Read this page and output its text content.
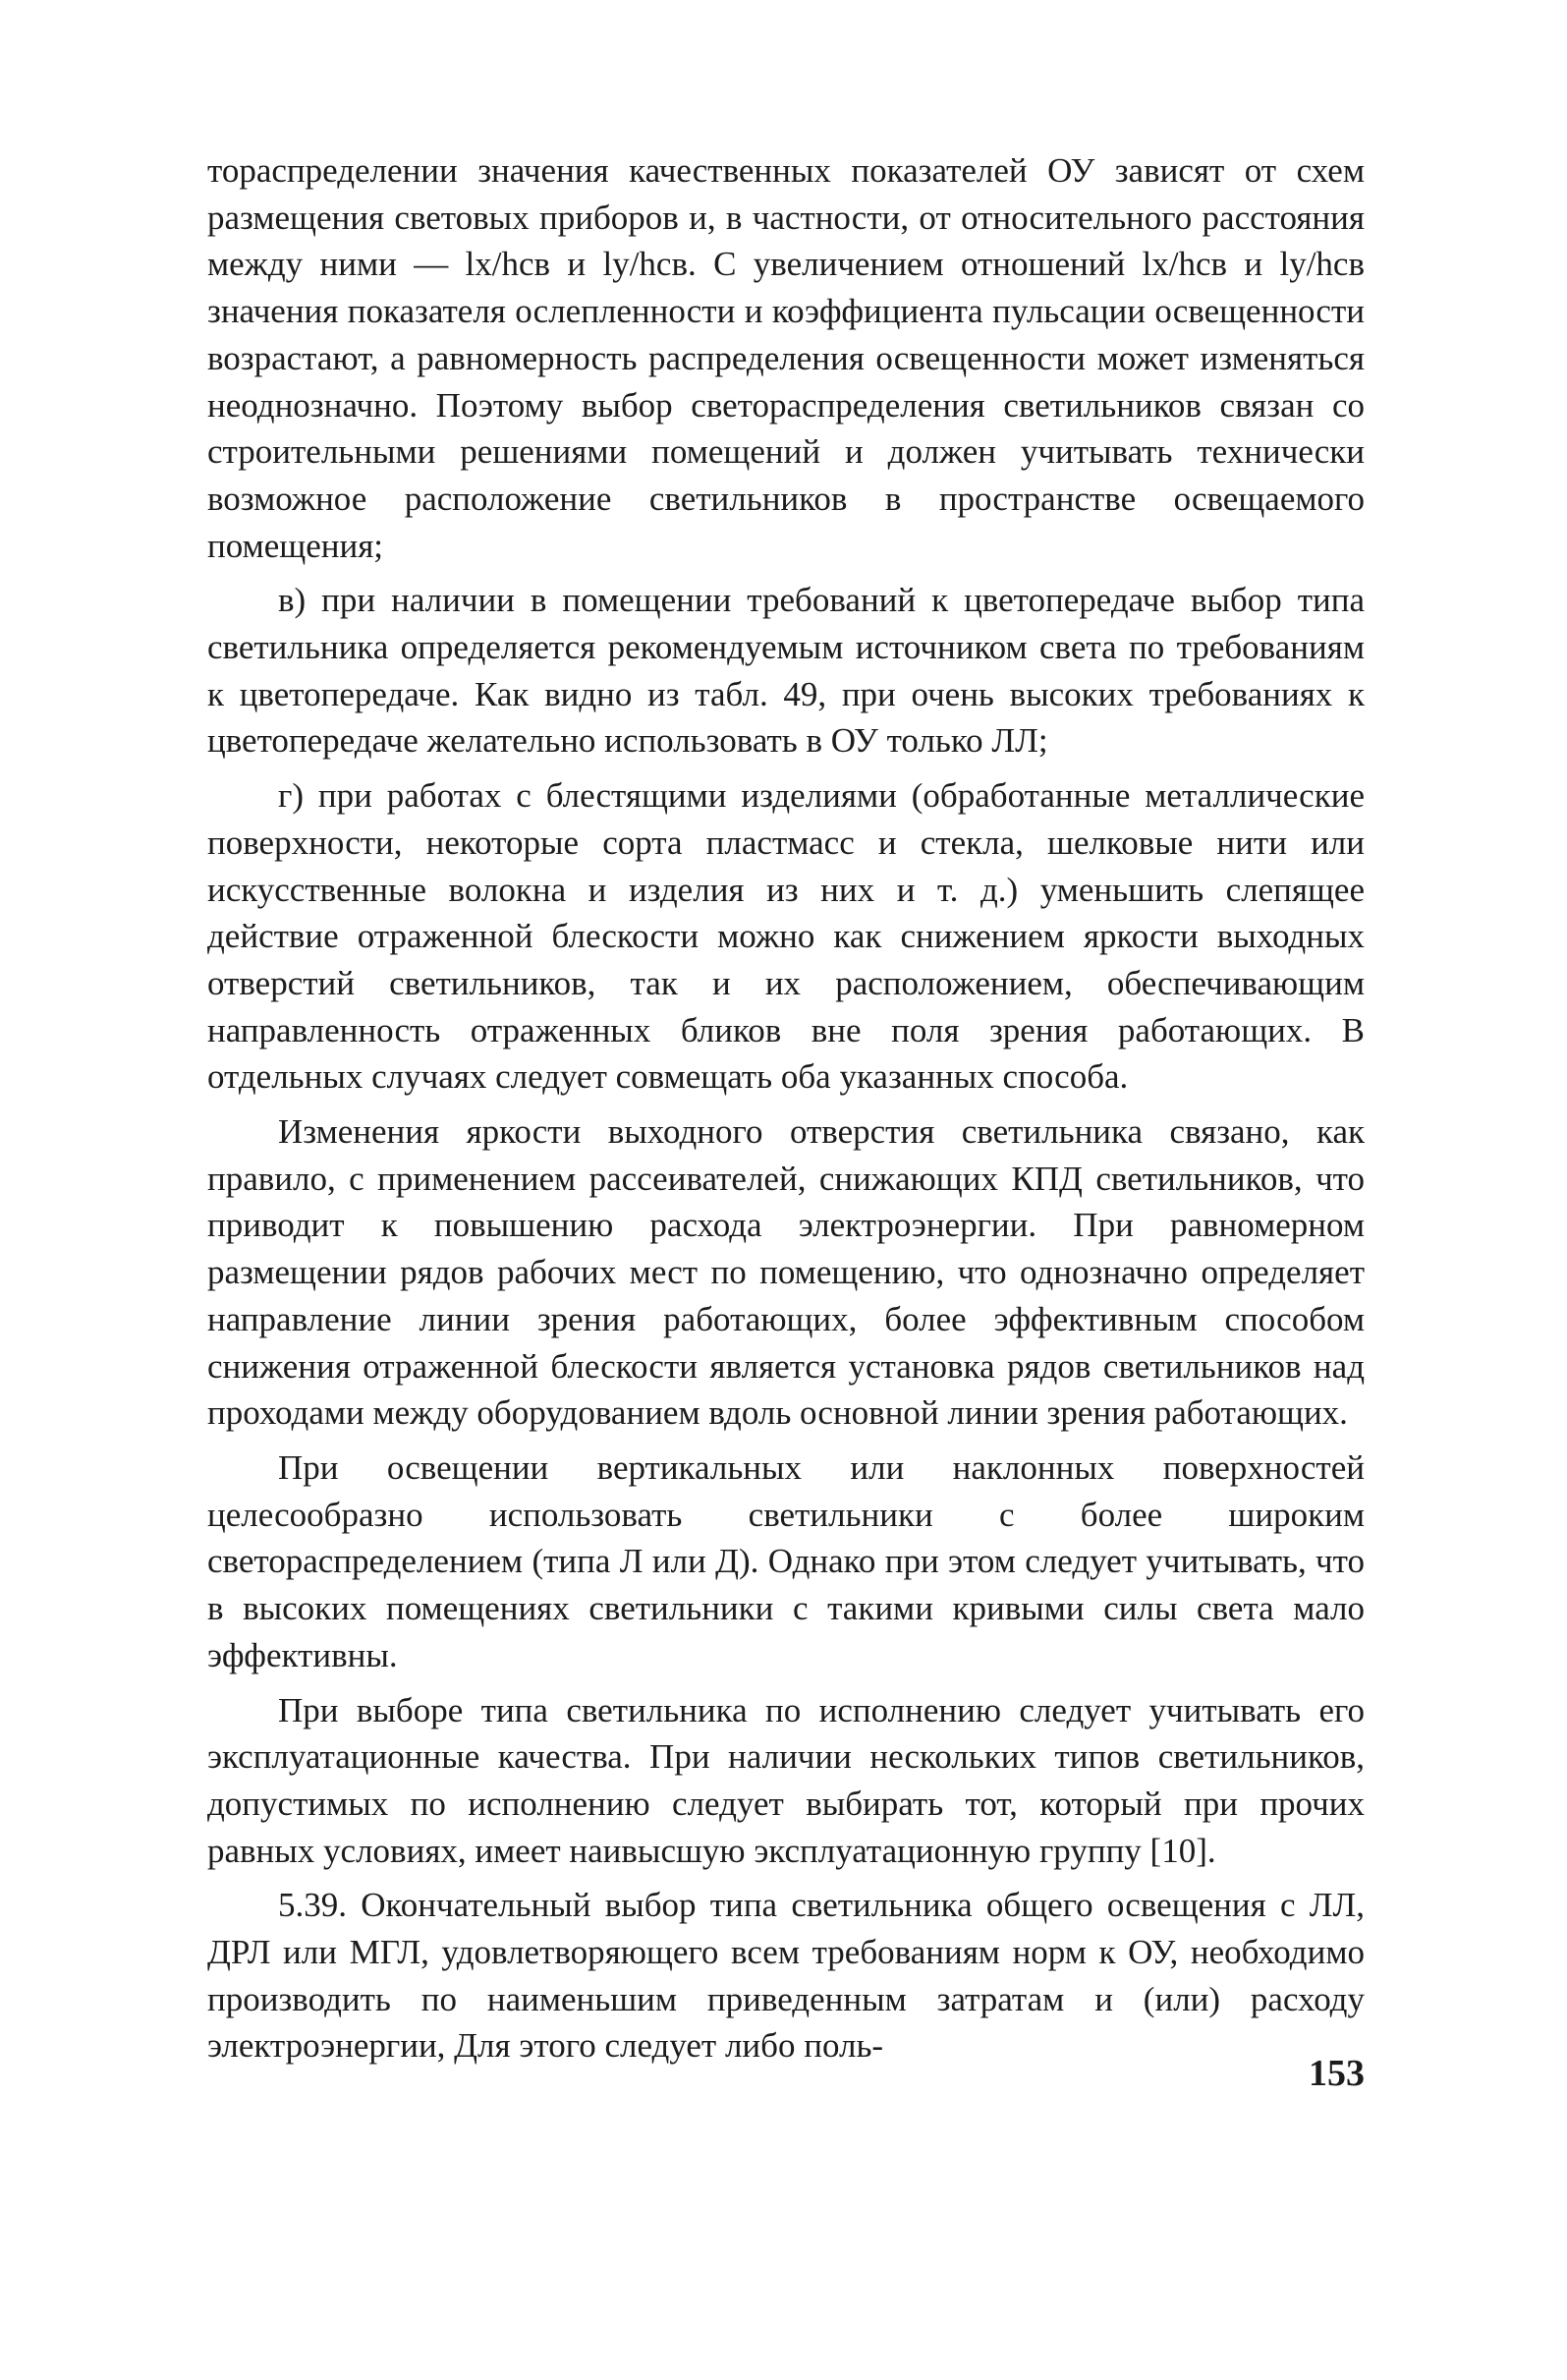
тораспределении значения качественных показателей ОУ зависят от схем размещения световых приборов и, в частности, от относительного расстояния между ними — lx/hсв и ly/hсв. С увеличением отношений lx/hсв и ly/hсв значения показателя ослепленности и коэффициента пульсации освещенности возрастают, а равномерность распределения освещенности может изменяться неоднозначно. Поэтому выбор светораспределения светильников связан со строительными решениями помещений и должен учитывать технически возможное расположение светильников в пространстве освещаемого помещения;

в) при наличии в помещении требований к цветопередаче выбор типа светильника определяется рекомендуемым источником света по требованиям к цветопередаче. Как видно из табл. 49, при очень высоких требованиях к цветопередаче желательно использовать в ОУ только ЛЛ;

г) при работах с блестящими изделиями (обработанные металлические поверхности, некоторые сорта пластмасс и стекла, шелковые нити или искусственные волокна и изделия из них и т. д.) уменьшить слепящее действие отраженной блескости можно как снижением яркости выходных отверстий светильников, так и их расположением, обеспечивающим направленность отраженных бликов вне поля зрения работающих. В отдельных случаях следует совмещать оба указанных способа.

Изменения яркости выходного отверстия светильника связано, как правило, с применением рассеивателей, снижающих КПД светильников, что приводит к повышению расхода электроэнергии. При равномерном размещении рядов рабочих мест по помещению, что однозначно определяет направление линии зрения работающих, более эффективным способом снижения отраженной блескости является установка рядов светильников над проходами между оборудованием вдоль основной линии зрения работающих.

При освещении вертикальных или наклонных поверхностей целесообразно использовать светильники с более широким светораспределением (типа Л или Д). Однако при этом следует учитывать, что в высоких помещениях светильники с такими кривыми силы света мало эффективны.

При выборе типа светильника по исполнению следует учитывать его эксплуатационные качества. При наличии нескольких типов светильников, допустимых по исполнению следует выбирать тот, который при прочих равных условиях, имеет наивысшую эксплуатационную группу [10].

5.39. Окончательный выбор типа светильника общего освещения с ЛЛ, ДРЛ или МГЛ, удовлетворяющего всем требованиям норм к ОУ, необходимо производить по наименьшим приведенным затратам и (или) расходу электроэнергии, Для этого следует либо поль-

153
